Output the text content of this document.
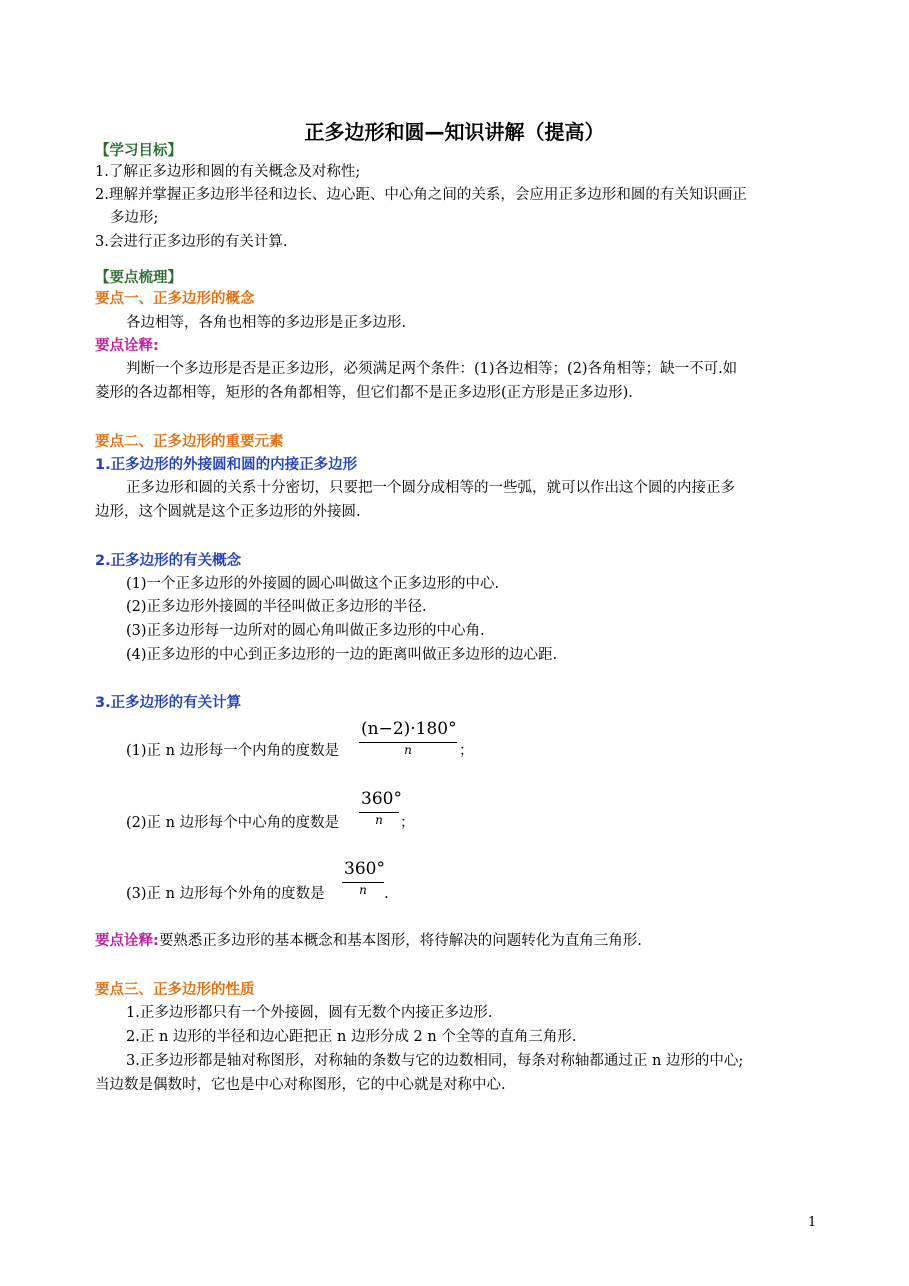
正多边形和圆—知识讲解（提高）
【学习目标】
1.了解正多边形和圆的有关概念及对称性;
2.理解并掌握正多边形半径和边长、边心距、中心角之间的关系，会应用正多边形和圆的有关知识画正
多边形;
3.会进行正多边形的有关计算.
【要点梳理】
要点一、正多边形的概念
各边相等，各角也相等的多边形是正多边形.
要点诠释:
判断一个多边形是否是正多边形，必须满足两个条件：(1)各边相等；(2)各角相等；缺一不可.如
菱形的各边都相等，矩形的各角都相等，但它们都不是正多边形(正方形是正多边形).
要点二、正多边形的重要元素
1.正多边形的外接圆和圆的内接正多边形
正多边形和圆的关系十分密切，只要把一个圆分成相等的一些弧，就可以作出这个圆的内接正多
边形，这个圆就是这个正多边形的外接圆.
2.正多边形的有关概念
(1)一个正多边形的外接圆的圆心叫做这个正多边形的中心.
(2)正多边形外接圆的半径叫做正多边形的半径.
(3)正多边形每一边所对的圆心角叫做正多边形的中心角.
(4)正多边形的中心到正多边形的一边的距离叫做正多边形的边心距.
3.正多边形的有关计算
(1)正 n 边形每一个内角的度数是
(n−2)·180°
n	；
(2)正 n 边形每个中心角的度数是
360°
n	；
(3)正 n 边形每个外角的度数是
360°
n	.
要点诠释:要熟悉正多边形的基本概念和基本图形，将待解决的问题转化为直角三角形.
要点三、正多边形的性质
1.正多边形都只有一个外接圆，圆有无数个内接正多边形.
2.正 n 边形的半径和边心距把正 n 边形分成 2 n 个全等的直角三角形.
3.正多边形都是轴对称图形，对称轴的条数与它的边数相同，每条对称轴都通过正 n 边形的中心;
当边数是偶数时，它也是中心对称图形，它的中心就是对称中心.
1
